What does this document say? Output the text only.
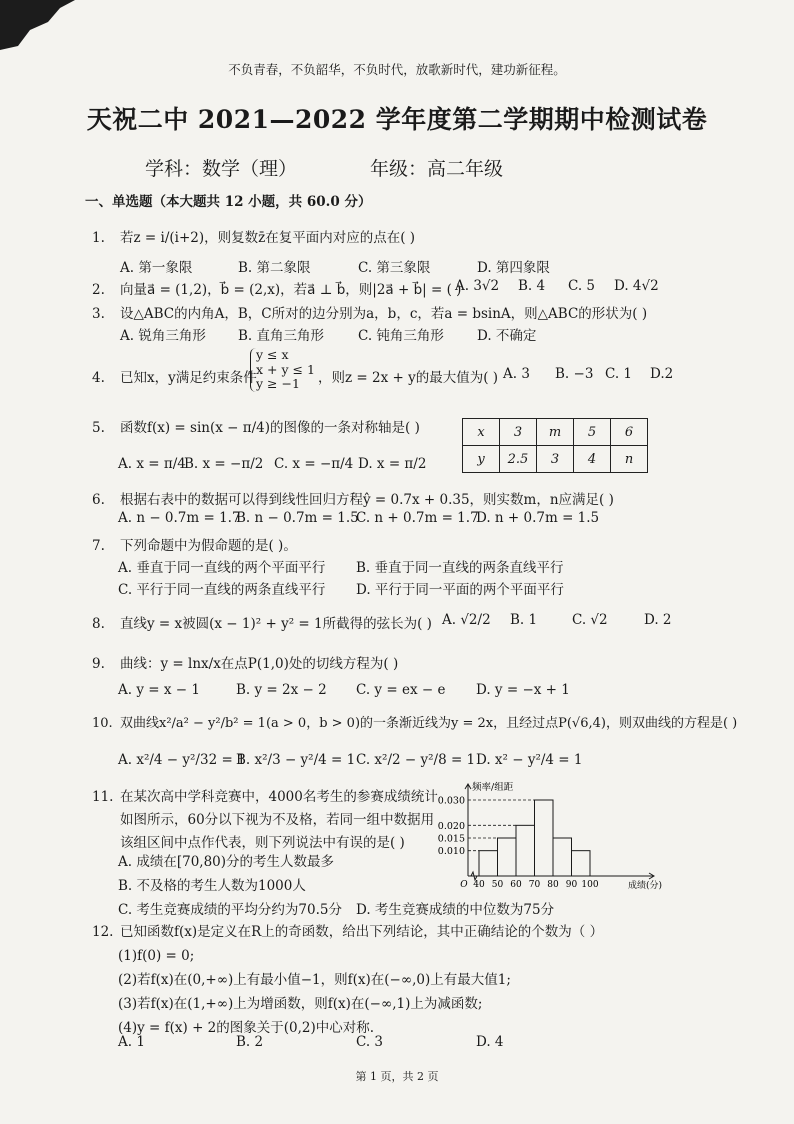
不负青春，不负韶华，不负时代，放歌新时代，建功新征程。
天祝二中 2021—2022 学年度第二学期期中检测试卷
学科：数学（理）	年级：高二年级
一、单选题（本大题共 12 小题，共 60.0 分）
1. 若z = i/(i+2)，则复数z̄在复平面内对应的点在( )
A. 第一象限	B. 第二象限	C. 第三象限	D. 第四象限
2. 向量a⃗ = (1,2)，b⃗ = (2,x)，若a⃗ ⊥ b⃗，则|2a⃗ + b⃗| = ( )
A. 3√2 B. 4 C. 5 D. 4√2
3. 设△ABC的内角A，B，C所对的边分别为a，b，c，若a = bsinA，则△ABC的形状为( )
A. 锐角三角形 B. 直角三角形	C. 钝角三角形 D. 不确定
4. 已知x，y满足约束条件
y ≤ x
x + y ≤ 1
y ≥ −1	，则z = 2x + y的最大值为( ) A. 3 B. −3 C. 1 D.2
5. 函数f(x) = sin(x − π/4)的图像的一条对称轴是( )
A. x = π/4
B. x = −π/2 C. x = −π/4 D. x = π/2
x	3	m	5	6
y	2.5	3	4	n
6. 根据右表中的数据可以得到线性回归方程ŷ = 0.7x + 0.35，则实数m，n应满足( )
A. n − 0.7m = 1.7
B. n − 0.7m = 1.5
C. n + 0.7m = 1.7
D. n + 0.7m = 1.5
7. 下列命题中为假命题的是( )。
A. 垂直于同一直线的两个平面平行 B. 垂直于同一直线的两条直线平行
C. 平行于同一直线的两条直线平行 D. 平行于同一平面的两个平面平行
8. 直线y = x被圆(x − 1)² + y² = 1所截得的弦长为( ) A. √2/2 B. 1	C. √2	D. 2
9. 曲线：y = lnx/x在点P(1,0)处的切线方程为( )
A. y = x − 1	B. y = 2x − 2 C. y = ex − e D. y = −x + 1
10. 双曲线x²/a² − y²/b² = 1(a > 0，b > 0)的一条渐近线为y = 2x，且经过点P(√6,4)，则双曲线的方程是( )
A. x²/4 − y²/32 = 1
B. x²/3 − y²/4 = 1 C. x²/2 − y²/8 = 1 D. x² − y²/4 = 1
11. 在某次高中学科竞赛中，4000名考生的参赛成绩统计
如图所示，60分以下视为不及格，若同一组中数据用
该组区间中点作代表，则下列说法中有误的是( )
A. 成绩在[70,80)分的考生人数最多
B. 不及格的考生人数为1000人
C. 考生竞赛成绩的平均分约为70.5分 D. 考生竞赛成绩的中位数为75分
0.010
0.015
0.020
0.030
40 50 60 70 80 90 100
O
频率/组距
成绩(分)
12. 已知函数f(x)是定义在R上的奇函数，给出下列结论，其中正确结论的个数为（ ）
(1)f(0) = 0;
(2)若f(x)在(0,+∞)上有最小值−1，则f(x)在(−∞,0)上有最大值1;
(3)若f(x)在(1,+∞)上为增函数，则f(x)在(−∞,1)上为减函数;
(4)y = f(x) + 2的图象关于(0,2)中心对称.
A. 1	B. 2	C. 3	D. 4
第 1 页，共 2 页
